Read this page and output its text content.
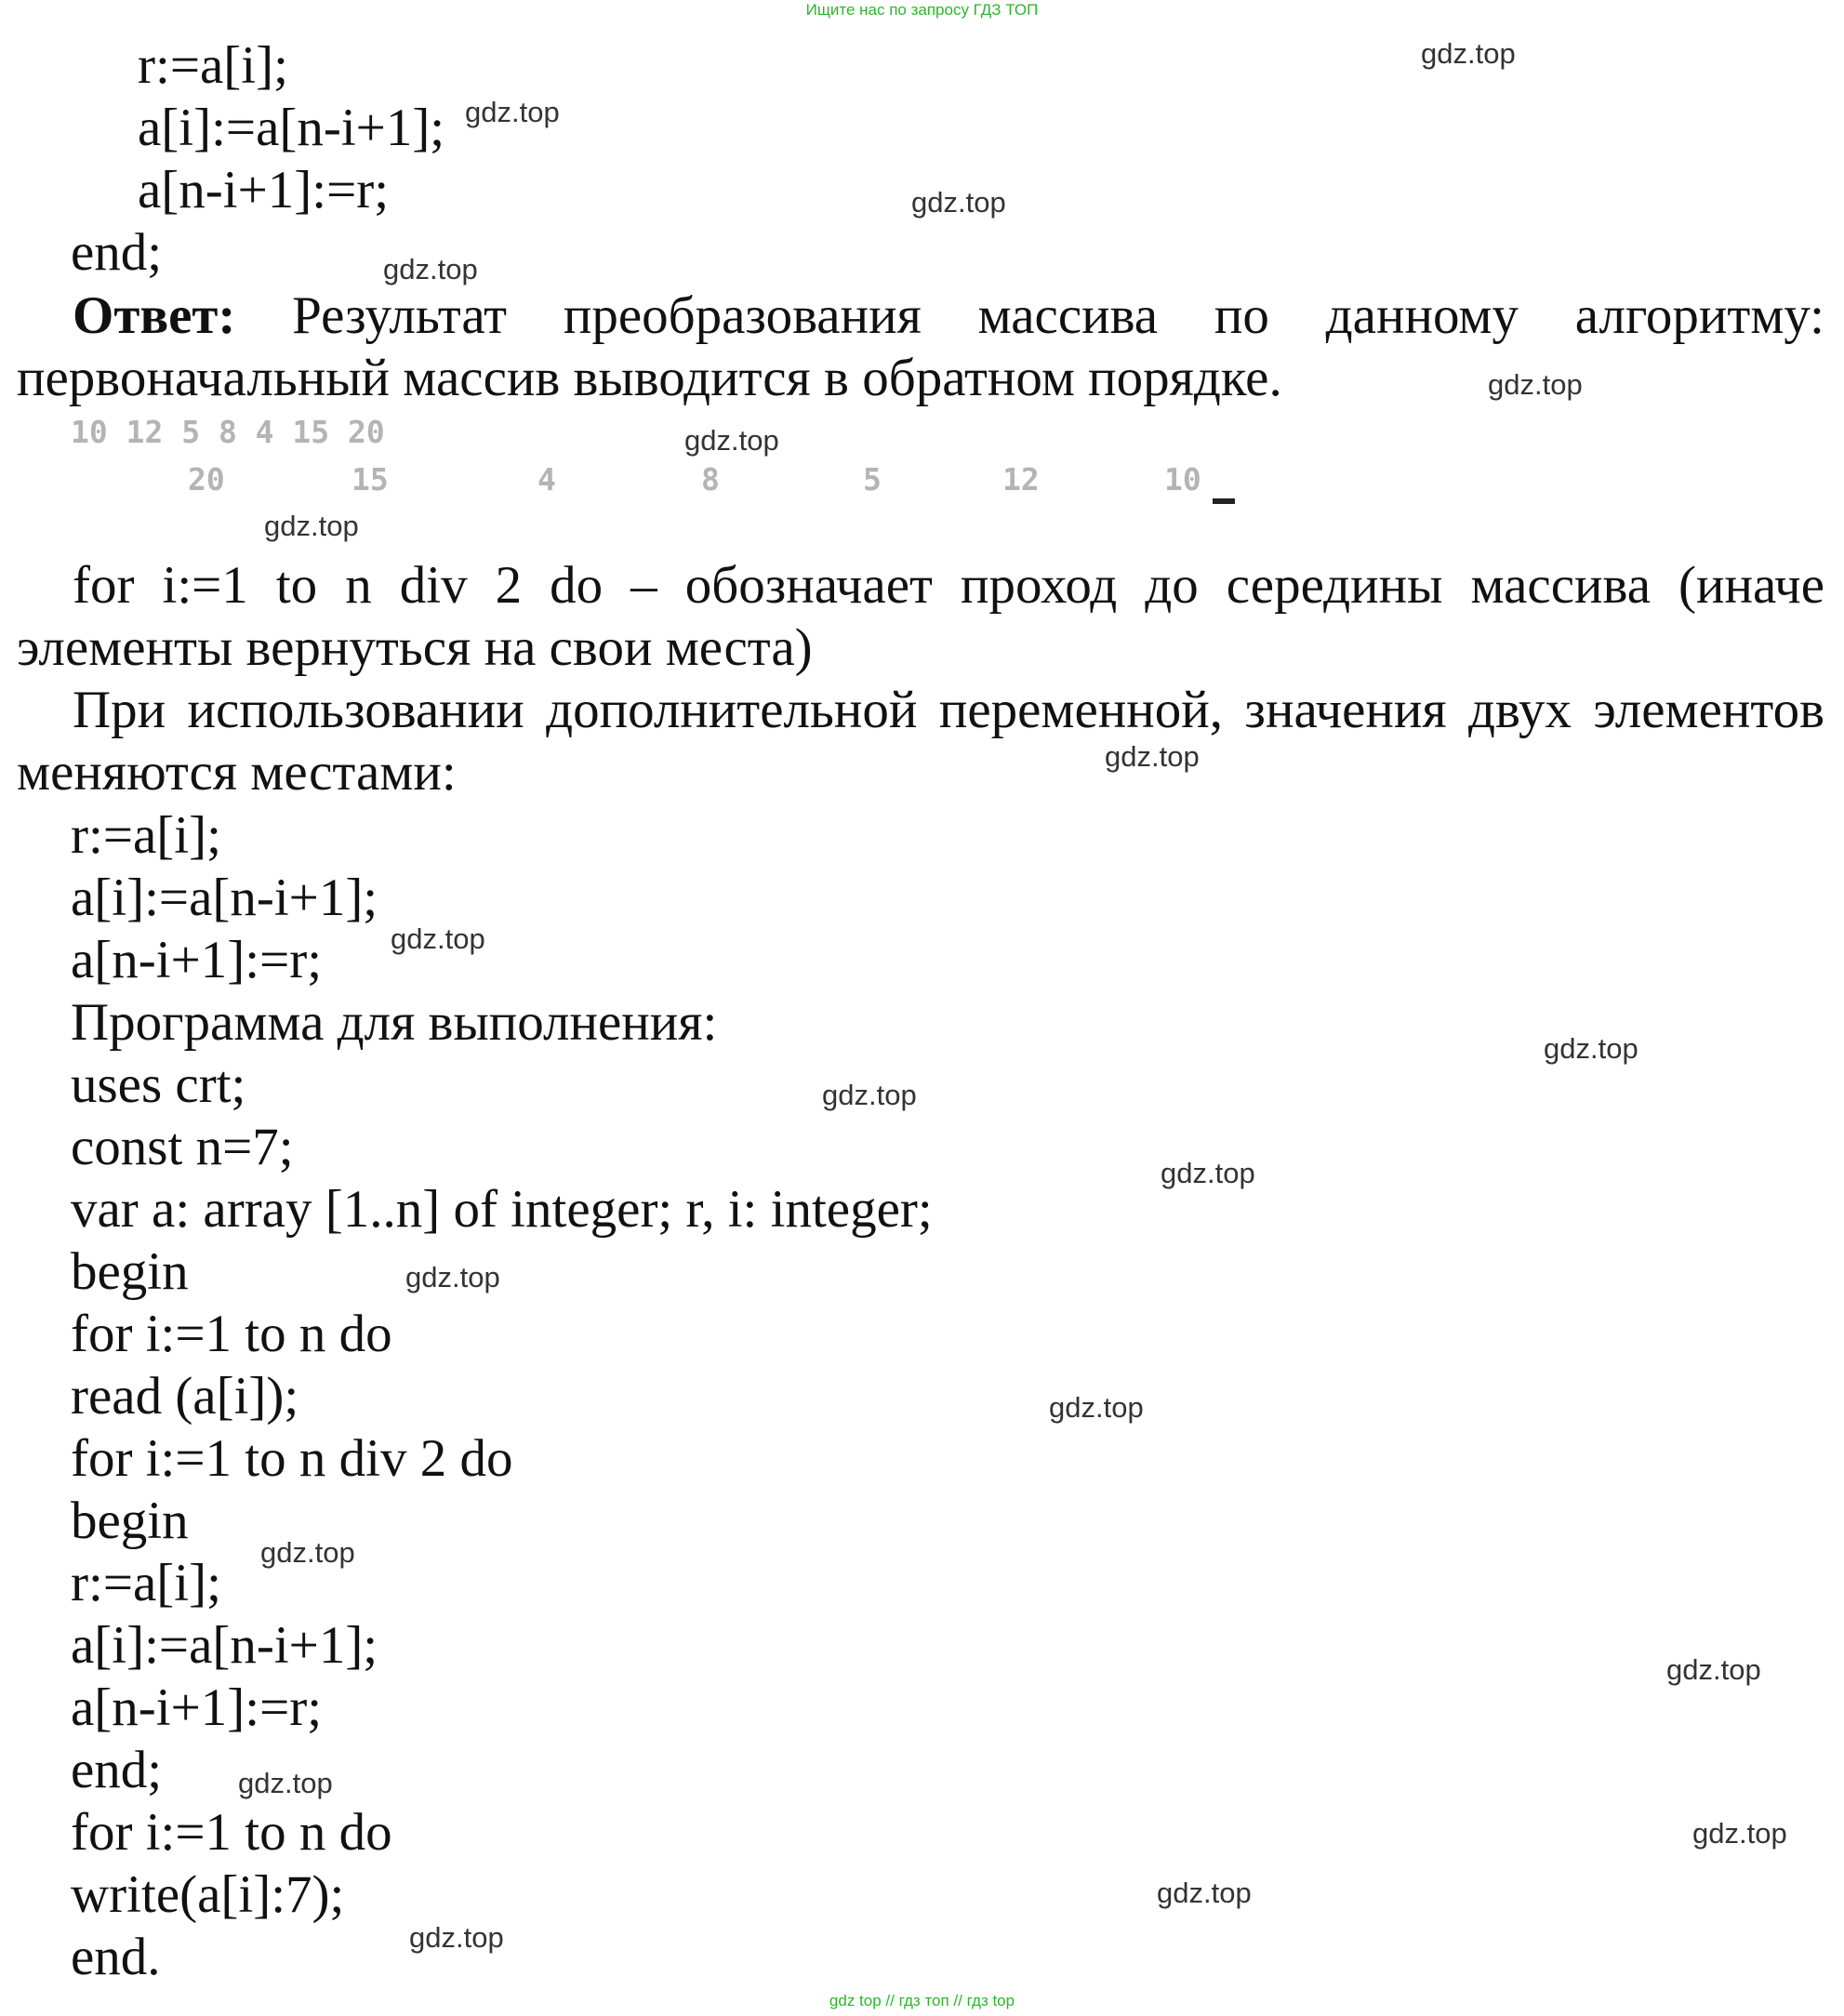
Ищите нас по запросу ГДЗ ТОП
r:=a[i];
a[i]:=a[n-i+1];
a[n-i+1]:=r;
end;
Ответ: Результат преобразования массива по данному алгоритму: первоначальный массив выводится в обратном порядке.
10 12 5 8 4 15 20
20	15	4	8	5	12	10
for i:=1 to n div 2 do – обозначает проход до середины массива (иначе элементы вернуться на свои места)
При использовании дополнительной переменной, значения двух элементов меняются местами:
r:=a[i];
a[i]:=a[n-i+1];
a[n-i+1]:=r;
Программа для выполнения:
uses crt;
const n=7;
var a: array [1..n] of integer; r, i: integer;
begin
for i:=1 to n do
read (a[i]);
for i:=1 to n div 2 do
begin
r:=a[i];
a[i]:=a[n-i+1];
a[n-i+1]:=r;
end;
for i:=1 to n do
write(a[i]:7);
end.
gdz.top
gdz.top
gdz.top
gdz.top
gdz.top
gdz.top
gdz.top
gdz.top
gdz.top
gdz.top
gdz.top
gdz.top
gdz.top
gdz.top
gdz.top
gdz.top
gdz.top
gdz.top
gdz.top
gdz.top
gdz top // гдз топ // гдз top
